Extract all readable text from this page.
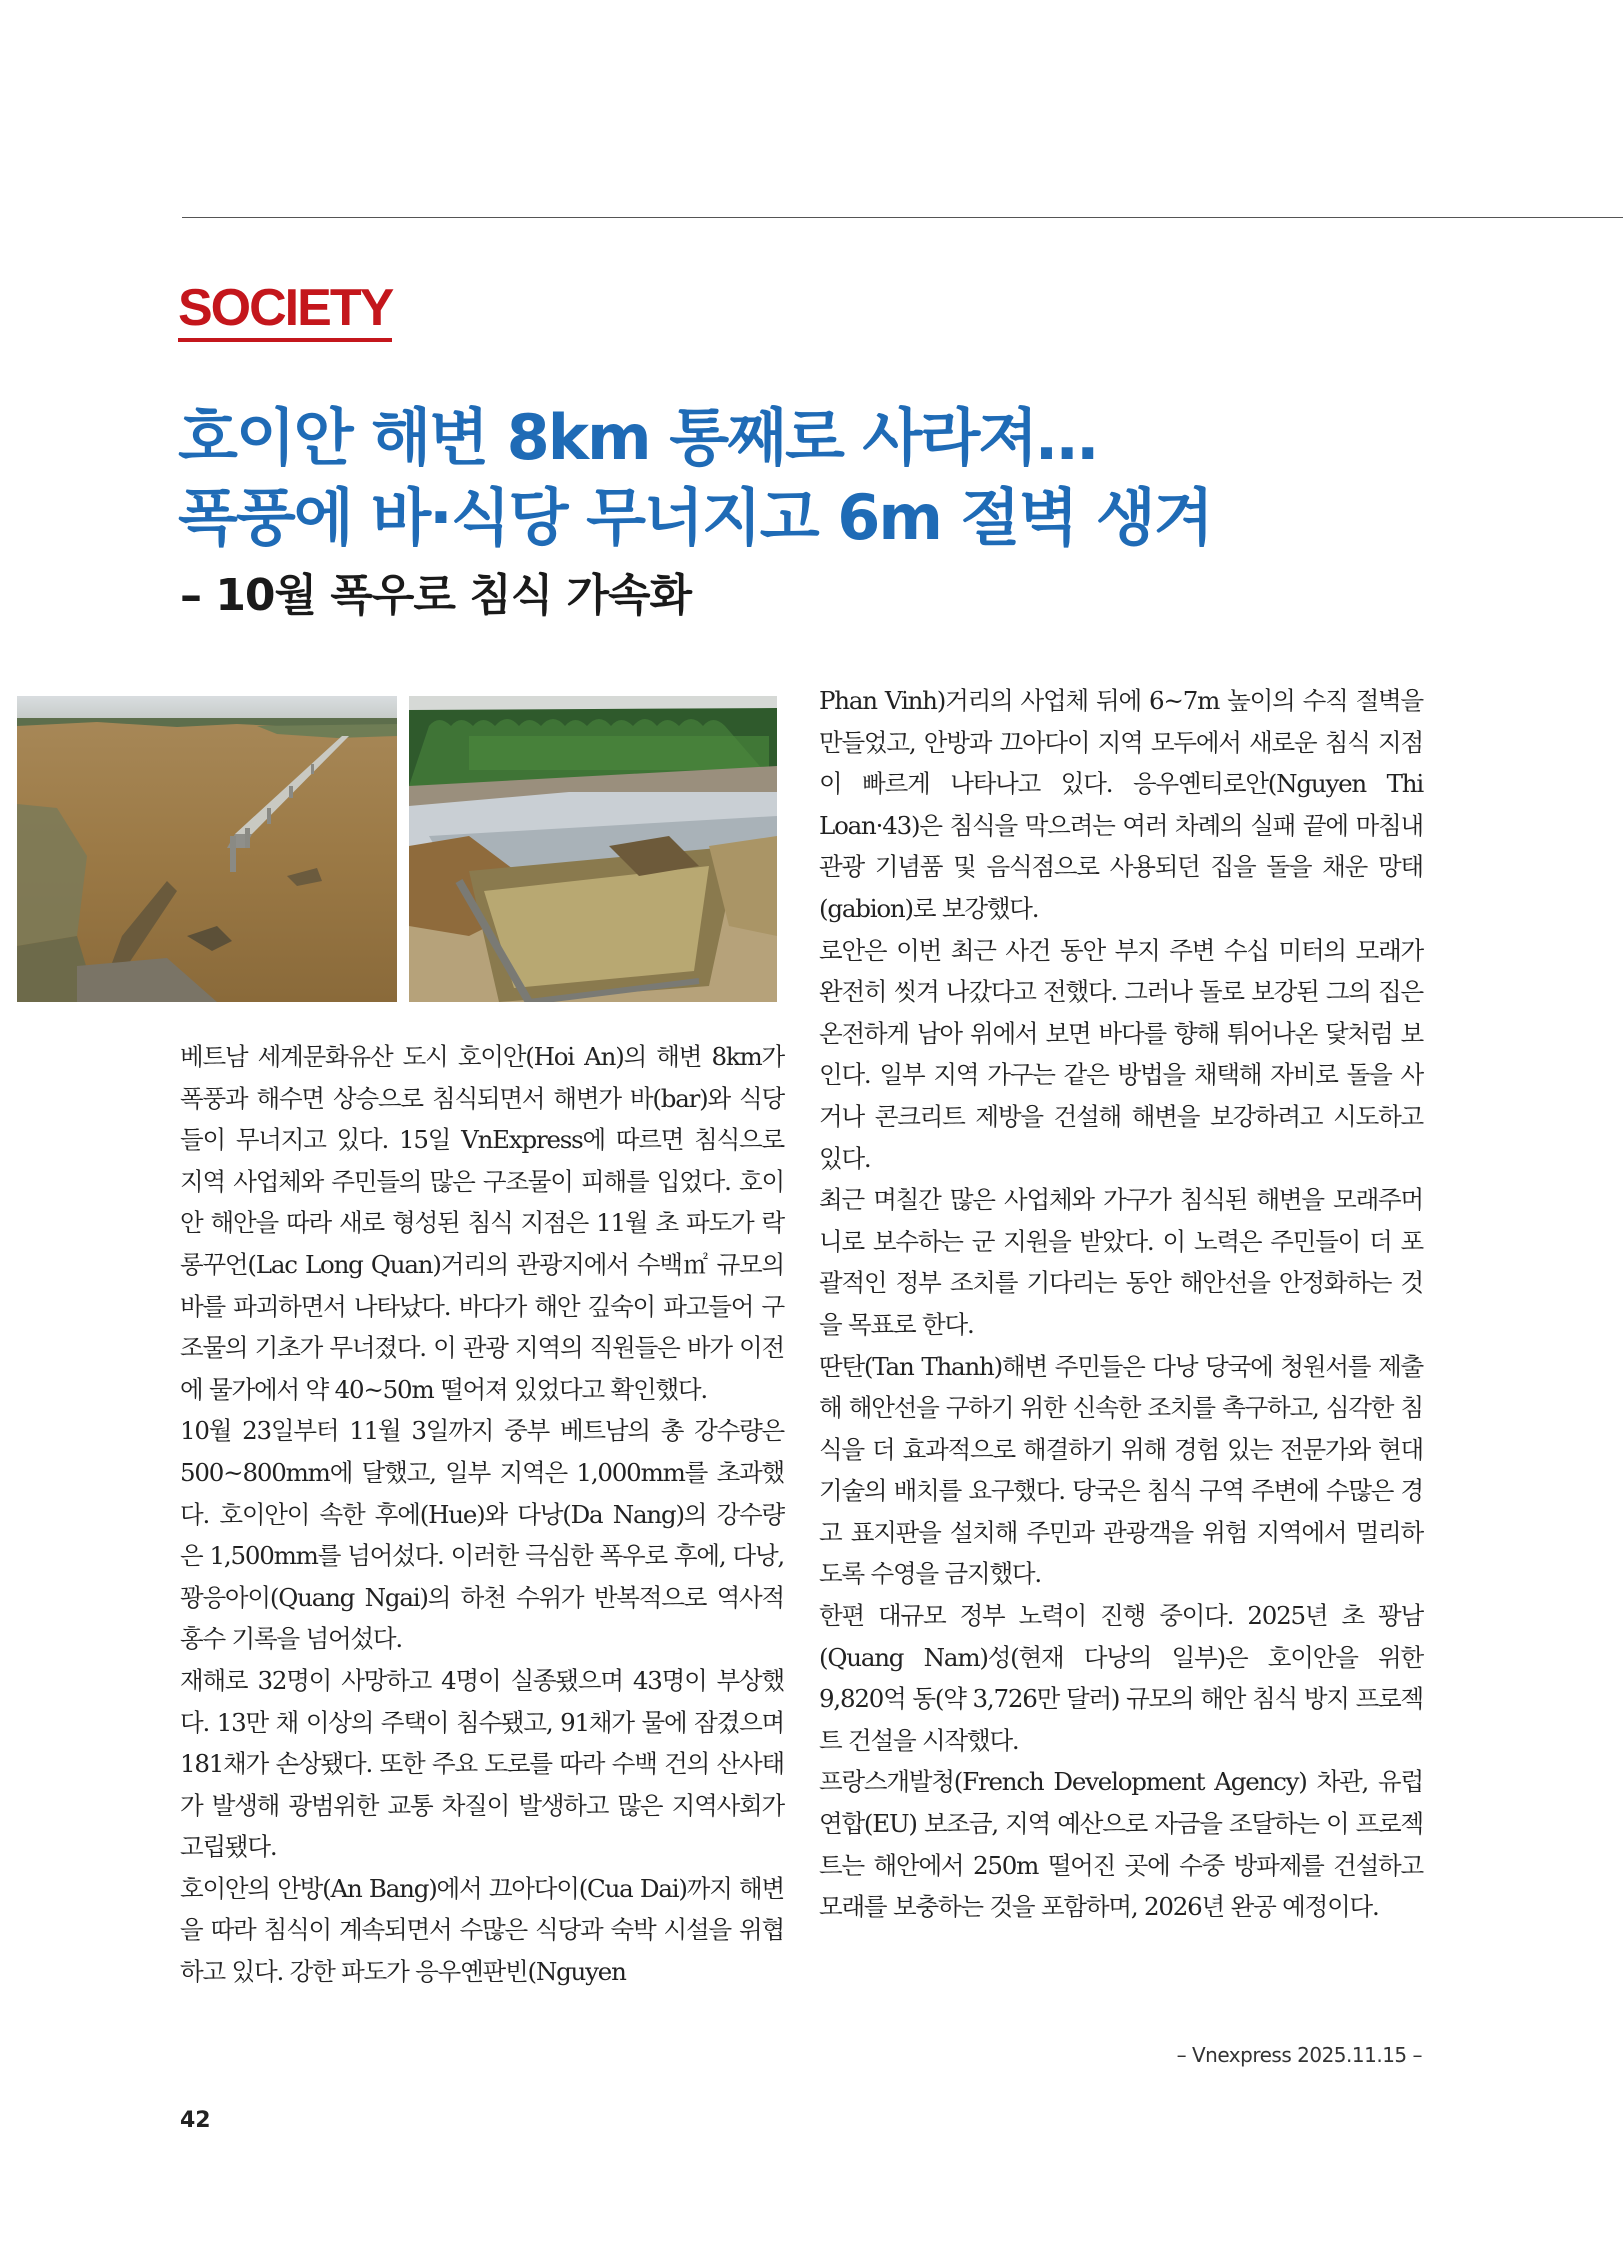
SOCIETY
호이안 해변 8km 통째로 사라져…
폭풍에 바·식당 무너지고 6m 절벽 생겨
– 10월 폭우로 침식 가속화

베트남 세계문화유산 도시 호이안(Hoi An)의 해변 8km가 폭풍과 해수면 상승으로 침식되면서 해변가 바(bar)와 식당들이 무너지고 있다. 15일 VnExpress에 따르면 침식으로 지역 사업체와 주민들의 많은 구조물이 피해를 입었다. 호이안 해안을 따라 새로 형성된 침식 지점은 11월 초 파도가 락롱꾸언(Lac Long Quan)거리의 관광지에서 수백㎡ 규모의 바를 파괴하면서 나타났다. 바다가 해안 깊숙이 파고들어 구조물의 기초가 무너졌다. 이 관광 지역의 직원들은 바가 이전에 물가에서 약 40~50m 떨어져 있었다고 확인했다.

10월 23일부터 11월 3일까지 중부 베트남의 총 강수량은 500~800mm에 달했고, 일부 지역은 1,000mm를 초과했다. 호이안이 속한 후에(Hue)와 다낭(Da Nang)의 강수량은 1,500mm를 넘어섰다. 이러한 극심한 폭우로 후에, 다낭, 꽝응아이(Quang Ngai)의 하천 수위가 반복적으로 역사적 홍수 기록을 넘어섰다.

재해로 32명이 사망하고 4명이 실종됐으며 43명이 부상했다. 13만 채 이상의 주택이 침수됐고, 91채가 물에 잠겼으며 181채가 손상됐다. 또한 주요 도로를 따라 수백 건의 산사태가 발생해 광범위한 교통 차질이 발생하고 많은 지역사회가 고립됐다.

호이안의 안방(An Bang)에서 끄아다이(Cua Dai)까지 해변을 따라 침식이 계속되면서 수많은 식당과 숙박 시설을 위협하고 있다. 강한 파도가 응우옌판빈(Nguyen

Phan Vinh)거리의 사업체 뒤에 6~7m 높이의 수직 절벽을 만들었고, 안방과 끄아다이 지역 모두에서 새로운 침식 지점이 빠르게 나타나고 있다. 응우옌티로안(Nguyen Thi Loan·43)은 침식을 막으려는 여러 차례의 실패 끝에 마침내 관광 기념품 및 음식점으로 사용되던 집을 돌을 채운 망태(gabion)로 보강했다.

로안은 이번 최근 사건 동안 부지 주변 수십 미터의 모래가 완전히 씻겨 나갔다고 전했다. 그러나 돌로 보강된 그의 집은 온전하게 남아 위에서 보면 바다를 향해 튀어나온 닻처럼 보인다. 일부 지역 가구는 같은 방법을 채택해 자비로 돌을 사거나 콘크리트 제방을 건설해 해변을 보강하려고 시도하고 있다.

최근 며칠간 많은 사업체와 가구가 침식된 해변을 모래주머니로 보수하는 군 지원을 받았다. 이 노력은 주민들이 더 포괄적인 정부 조치를 기다리는 동안 해안선을 안정화하는 것을 목표로 한다.

딴탄(Tan Thanh)해변 주민들은 다낭 당국에 청원서를 제출해 해안선을 구하기 위한 신속한 조치를 촉구하고, 심각한 침식을 더 효과적으로 해결하기 위해 경험 있는 전문가와 현대 기술의 배치를 요구했다. 당국은 침식 구역 주변에 수많은 경고 표지판을 설치해 주민과 관광객을 위험 지역에서 멀리하도록 수영을 금지했다.

한편 대규모 정부 노력이 진행 중이다. 2025년 초 꽝남(Quang Nam)성(현재 다낭의 일부)은 호이안을 위한 9,820억 동(약 3,726만 달러) 규모의 해안 침식 방지 프로젝트 건설을 시작했다.

프랑스개발청(French Development Agency) 차관, 유럽연합(EU) 보조금, 지역 예산으로 자금을 조달하는 이 프로젝트는 해안에서 250m 떨어진 곳에 수중 방파제를 건설하고 모래를 보충하는 것을 포함하며, 2026년 완공 예정이다.

– Vnexpress 2025.11.15 –
42
